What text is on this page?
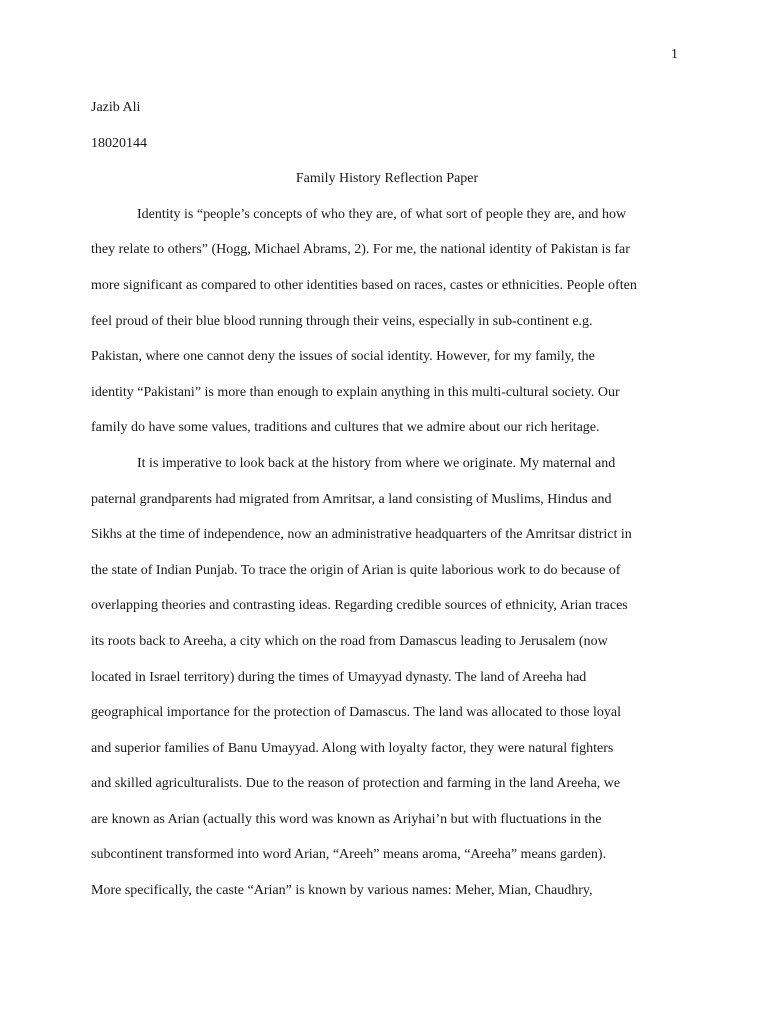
1

Jazib Ali

18020144

Family History Reflection Paper

Identity is “people’s concepts of who they are, of what sort of people they are, and how

they relate to others” (Hogg, Michael Abrams, 2). For me, the national identity of Pakistan is far

more significant as compared to other identities based on races, castes or ethnicities. People often

feel proud of their blue blood running through their veins, especially in sub-continent e.g.

Pakistan, where one cannot deny the issues of social identity. However, for my family, the

identity “Pakistani” is more than enough to explain anything in this multi-cultural society. Our

family do have some values, traditions and cultures that we admire about our rich heritage.

It is imperative to look back at the history from where we originate. My maternal and

paternal grandparents had migrated from Amritsar, a land consisting of Muslims, Hindus and

Sikhs at the time of independence, now an administrative headquarters of the Amritsar district in

the state of Indian Punjab. To trace the origin of Arian is quite laborious work to do because of

overlapping theories and contrasting ideas. Regarding credible sources of ethnicity, Arian traces

its roots back to Areeha, a city which on the road from Damascus leading to Jerusalem (now

located in Israel territory) during the times of Umayyad dynasty. The land of Areeha had

geographical importance for the protection of Damascus. The land was allocated to those loyal

and superior families of Banu Umayyad. Along with loyalty factor, they were natural fighters

and skilled agriculturalists. Due to the reason of protection and farming in the land Areeha, we

are known as Arian (actually this word was known as Ariyhai’n but with fluctuations in the

subcontinent transformed into word Arian, “Areeh” means aroma, “Areeha” means garden).

More specifically, the caste “Arian” is known by various names: Meher, Mian, Chaudhry,
